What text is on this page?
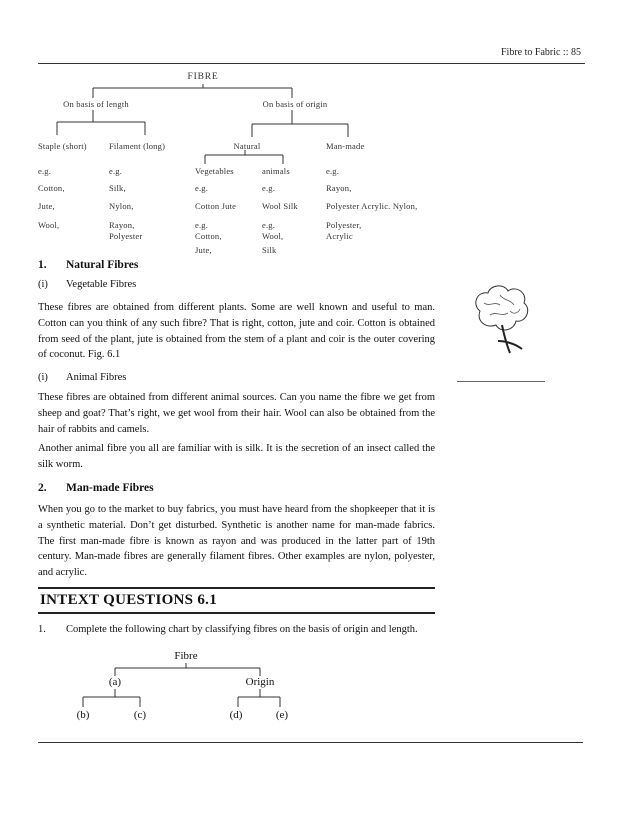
Fibre to Fabric :: 85
FIBRE
On basis of length	On basis of origin
Staple (short)	Filament (long)	Natural	Man-made
Vegetables	animals
e.g.
Cotton,
Jute,
Wool,
e.g.
Silk,
Nylon,
Rayon,
Polyester
e.g.
Cotton Jute
e.g.
Cotton,
Jute,
e.g.
Wool Silk
e.g.
Wool,
Silk
e.g.
Rayon,
Polyester Acrylic. Nylon,
Polyester,
Acrylic
1. Natural Fibres
(i) Vegetable Fibres
These fibres are obtained from different plants. Some are well known and useful to man. Cotton can you think of any such fibre? That is right, cotton, jute and coir. Cotton is obtained from seed of the plant, jute is obtained from the stem of a plant and coir is the outer covering of coconut. Fig. 6.1
(i) Animal Fibres
These fibres are obtained from different animal sources. Can you name the fibre we get from sheep and goat? That’s right, we get wool from their hair. Wool can also be obtained from the hair of rabbits and camels.
Another animal fibre you all are familiar with is silk. It is the secretion of an insect called the silk worm.
2. Man-made Fibres
When you go to the market to buy fabrics, you must have heard from the shopkeeper that it is a synthetic material. Don’t get disturbed. Synthetic is another name for man-made fabrics. The first man-made fibre is known as rayon and was produced in the latter part of 19th century. Man-made fibres are generally filament fibres. Other examples are nylon, polyester, and acrylic.
INTEXT QUESTIONS 6.1
1. Complete the following chart by classifying fibres on the basis of origin and length.
Fibre
(a)	Origin
(b)	(c)	(d)	(e)
